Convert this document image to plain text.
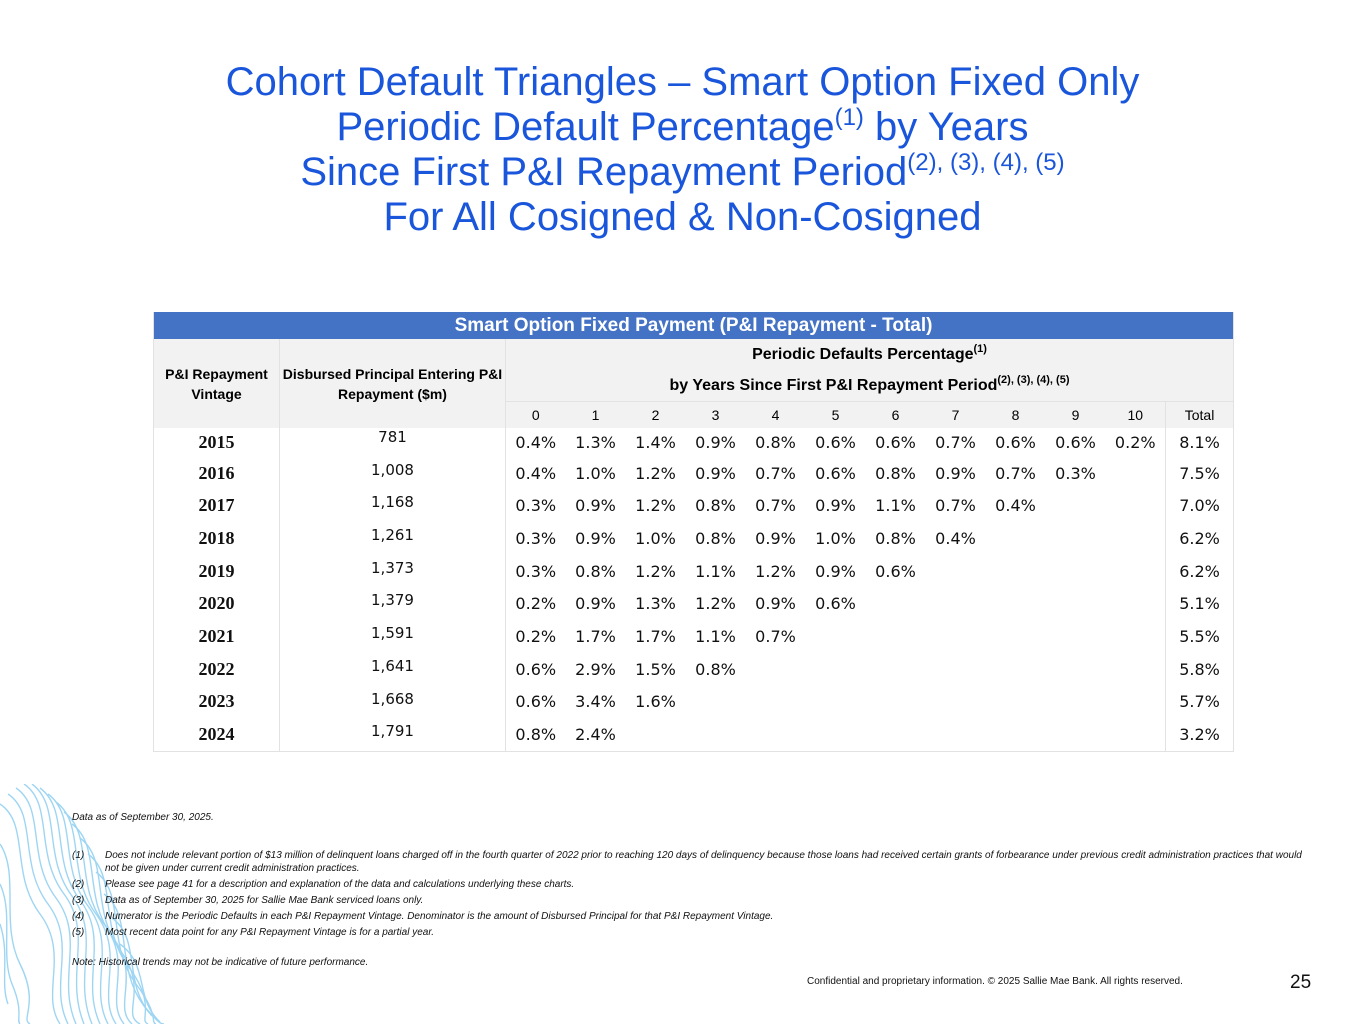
Cohort Default Triangles – Smart Option Fixed Only
Periodic Default Percentage$^{(1)}$ by Years
Since First P&I Repayment Period$^{(2), (3), (4), (5)}$
For All Cosigned & Non-Cosigned
Smart Option Fixed Payment (P&I Repayment - Total)													
P&I Repayment Vintage	Disbursed Principal Entering P&I Repayment ($m)	Periodic Defaults Percentage$^{(1)}$
		by Years Since First P&I Repayment Period$^{(2), (3), (4), (5)}$
		0	1	2	3	4	5	6	7	8	9	10	Total
2015	781	0.4%	1.3%	1.4%	0.9%	0.8%	0.6%	0.6%	0.7%	0.6%	0.6%	0.2%	8.1%
2016	1,008	0.4%	1.0%	1.2%	0.9%	0.7%	0.6%	0.8%	0.9%	0.7%	0.3%		7.5%
2017	1,168	0.3%	0.9%	1.2%	0.8%	0.7%	0.9%	1.1%	0.7%	0.4%			7.0%
2018	1,261	0.3%	0.9%	1.0%	0.8%	0.9%	1.0%	0.8%	0.4%				6.2%
2019	1,373	0.3%	0.8%	1.2%	1.1%	1.2%	0.9%	0.6%					6.2%
2020	1,379	0.2%	0.9%	1.3%	1.2%	0.9%	0.6%						5.1%
2021	1,591	0.2%	1.7%	1.7%	1.1%	0.7%							5.5%
2022	1,641	0.6%	2.9%	1.5%	0.8%								5.8%
2023	1,668	0.6%	3.4%	1.6%									5.7%
2024	1,791	0.8%	2.4%										3.2%
Data as of September 30, 2025.
(1)	Does not include relevant portion of $13 million of delinquent loans charged off in the fourth quarter of 2022 prior to reaching 120 days of delinquency because those loans had received certain grants of forbearance under previous credit administration practices that would not be given under current credit administration practices.
(2)	Please see page 41 for a description and explanation of the data and calculations underlying these charts.
(3)	Data as of September 30, 2025 for Sallie Mae Bank serviced loans only.
(4)	Numerator is the Periodic Defaults in each P&I Repayment Vintage. Denominator is the amount of Disbursed Principal for that P&I Repayment Vintage.
(5)	Most recent data point for any P&I Repayment Vintage is for a partial year.
Note: Historical trends may not be indicative of future performance.
Confidential and proprietary information. © 2025 Sallie Mae Bank. All rights reserved.	25
